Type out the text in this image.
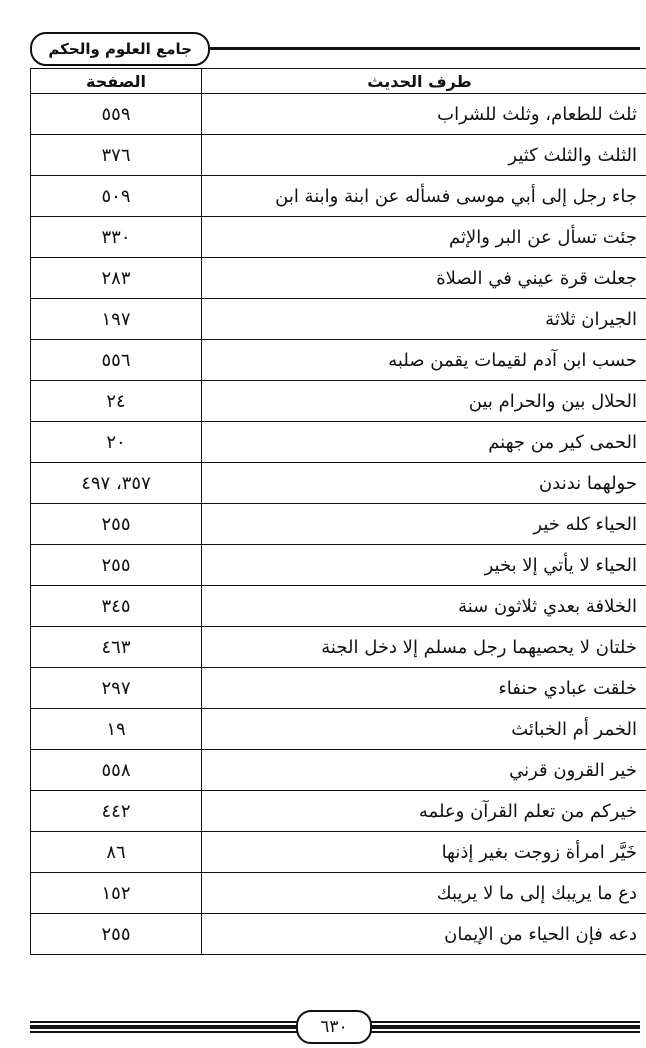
جامع العلوم والحكم
طرف الحديث	الصفحة
ثلث للطعام، وثلث للشراب	٥٥٩
الثلث والثلث كثير	٣٧٦
جاء رجل إلى أبي موسى فسأله عن ابنة وابنة ابن	٥٠٩
جئت تسأل عن البر والإثم	٣٣٠
جعلت قرة عيني في الصلاة	٢٨٣
الجيران ثلاثة	١٩٧
حسب ابن آدم لقيمات يقمن صلبه	٥٥٦
الحلال بين والحرام بين	٢٤
الحمى كير من جهنم	٢٠
حولهما ندندن	٣٥٧، ٤٩٧
الحياء كله خير	٢٥٥
الحياء لا يأتي إلا بخير	٢٥٥
الخلافة بعدي ثلاثون سنة	٣٤٥
خلتان لا يحصيهما رجل مسلم إلا دخل الجنة	٤٦٣
خلقت عبادي حنفاء	٢٩٧
الخمر أم الخبائث	١٩
خير القرون قرني	٥٥٨
خيركم من تعلم القرآن وعلمه	٤٤٢
خَيَّر امرأة زوجت بغير إذنها	٨٦
دع ما يريبك إلى ما لا يريبك	١٥٢
دعه فإن الحياء من الإيمان	٢٥٥
٦٣٠
